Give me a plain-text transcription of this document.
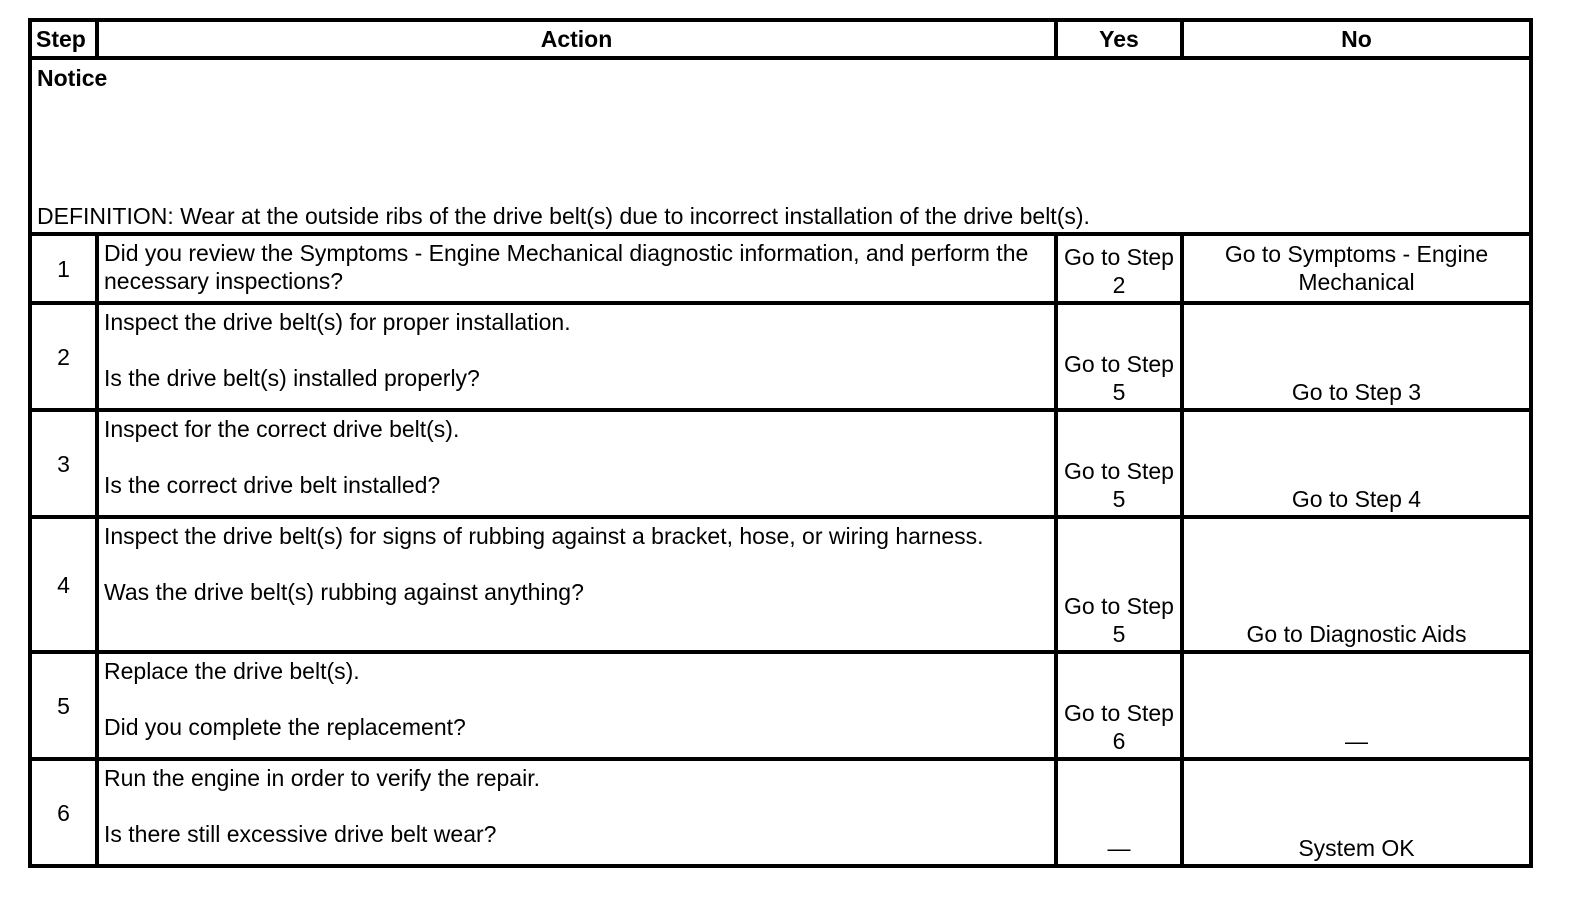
Step	Action	Yes	No

Notice
DEFINITION: Wear at the outside ribs of the drive belt(s) due to incorrect installation of the drive belt(s).			

1	Did you review the Symptoms - Engine Mechanical diagnostic information, and perform the necessary inspections?	Go to Step 2	Go to Symptoms - Engine Mechanical
2	Inspect the drive belt(s) for proper installation.
Is the drive belt(s) installed properly?	Go to Step 5	Go to Step 3
3	Inspect for the correct drive belt(s).
Is the correct drive belt installed?	Go to Step 5	Go to Step 4
4	Inspect the drive belt(s) for signs of rubbing against a bracket, hose, or wiring harness.
Was the drive belt(s) rubbing against anything?	Go to Step 5	Go to Diagnostic Aids
5	Replace the drive belt(s).
Did you complete the replacement?	Go to Step 6	—
6	Run the engine in order to verify the repair.
Is there still excessive drive belt wear?	—	System OK
